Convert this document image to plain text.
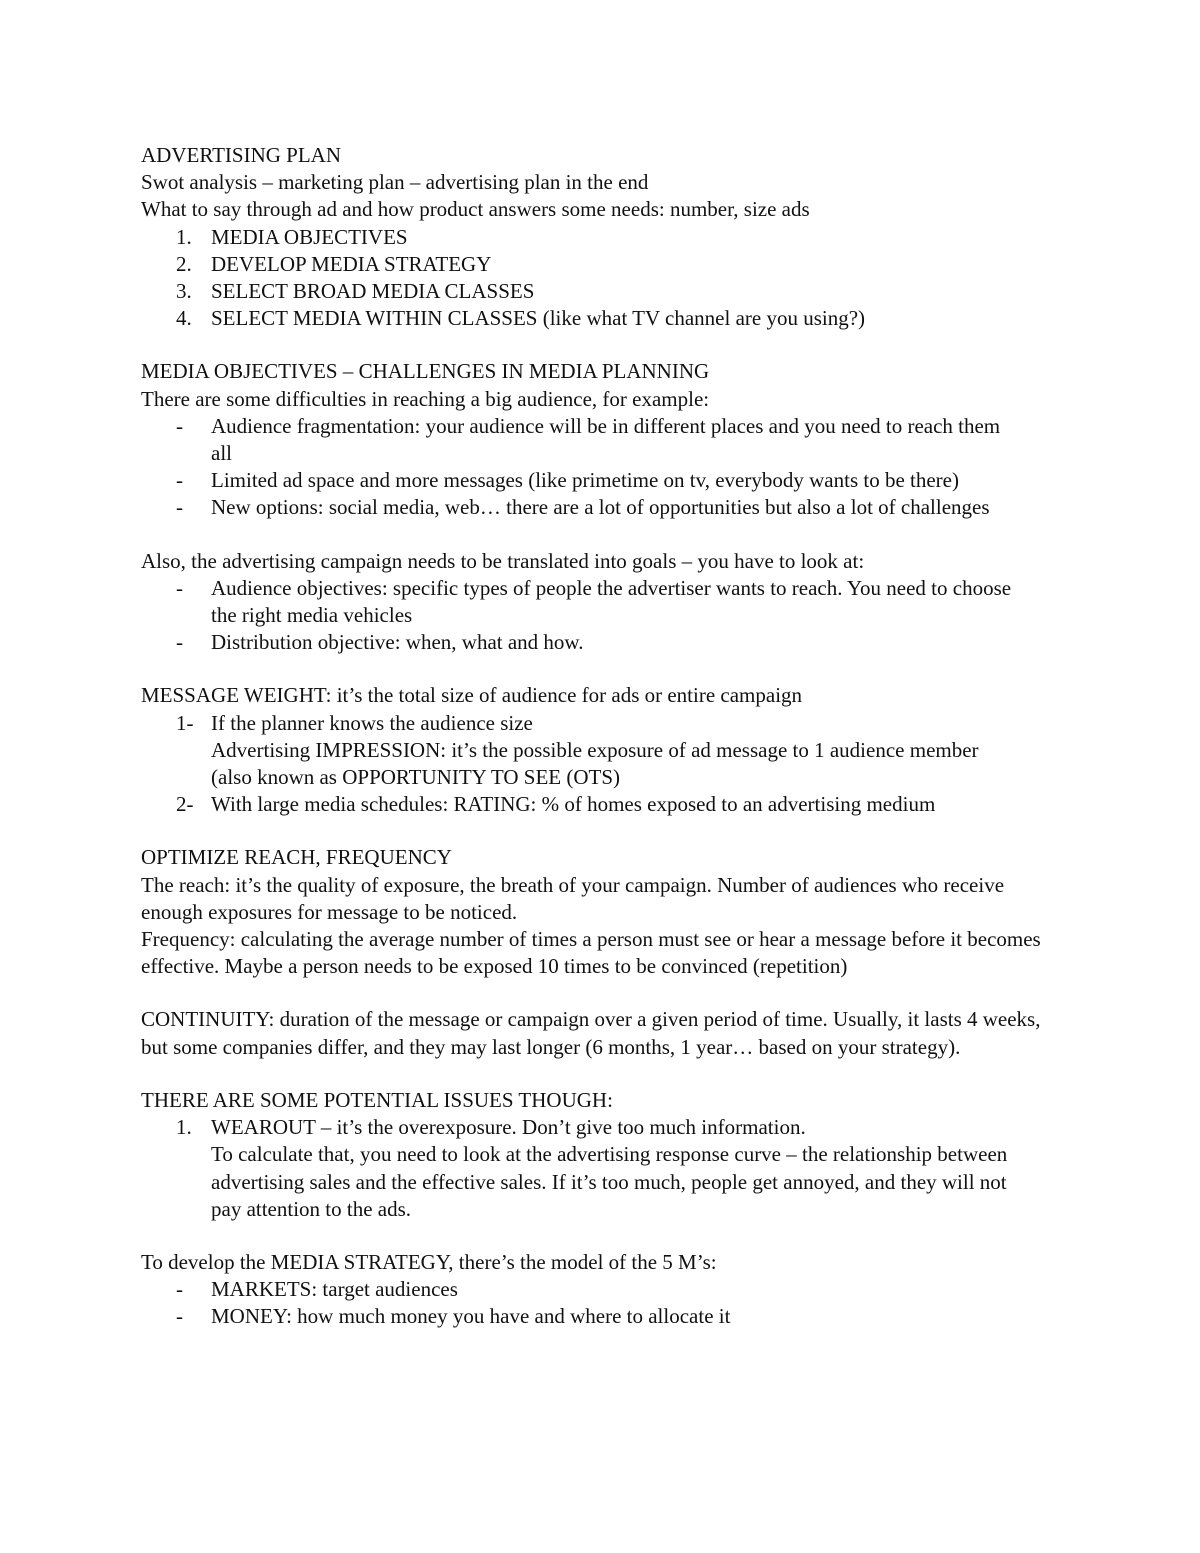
ADVERTISING PLAN

Swot analysis – marketing plan – advertising plan in the end

What to say through ad and how product answers some needs: number, size ads

1. MEDIA OBJECTIVES
2. DEVELOP MEDIA STRATEGY
3. SELECT BROAD MEDIA CLASSES
4. SELECT MEDIA WITHIN CLASSES (like what TV channel are you using?)

MEDIA OBJECTIVES – CHALLENGES IN MEDIA PLANNING

There are some difficulties in reaching a big audience, for example:

- Audience fragmentation: your audience will be in different places and you need to reach them all
- Limited ad space and more messages (like primetime on tv, everybody wants to be there)
- New options: social media, web… there are a lot of opportunities but also a lot of challenges

Also, the advertising campaign needs to be translated into goals – you have to look at:

- Audience objectives: specific types of people the advertiser wants to reach. You need to choose the right media vehicles
- Distribution objective: when, what and how.

MESSAGE WEIGHT: it’s the total size of audience for ads or entire campaign

1- If the planner knows the audience size
Advertising IMPRESSION: it’s the possible exposure of ad message to 1 audience member (also known as OPPORTUNITY TO SEE (OTS)
2- With large media schedules: RATING: % of homes exposed to an advertising medium

OPTIMIZE REACH, FREQUENCY

The reach: it’s the quality of exposure, the breath of your campaign. Number of audiences who receive enough exposures for message to be noticed.

Frequency: calculating the average number of times a person must see or hear a message before it becomes effective. Maybe a person needs to be exposed 10 times to be convinced (repetition)

CONTINUITY: duration of the message or campaign over a given period of time. Usually, it lasts 4 weeks, but some companies differ, and they may last longer (6 months, 1 year… based on your strategy).

THERE ARE SOME POTENTIAL ISSUES THOUGH:

1. WEAROUT – it’s the overexposure. Don’t give too much information.
To calculate that, you need to look at the advertising response curve – the relationship between advertising sales and the effective sales. If it’s too much, people get annoyed, and they will not pay attention to the ads.

To develop the MEDIA STRATEGY, there’s the model of the 5 M’s:

- MARKETS: target audiences
- MONEY: how much money you have and where to allocate it
